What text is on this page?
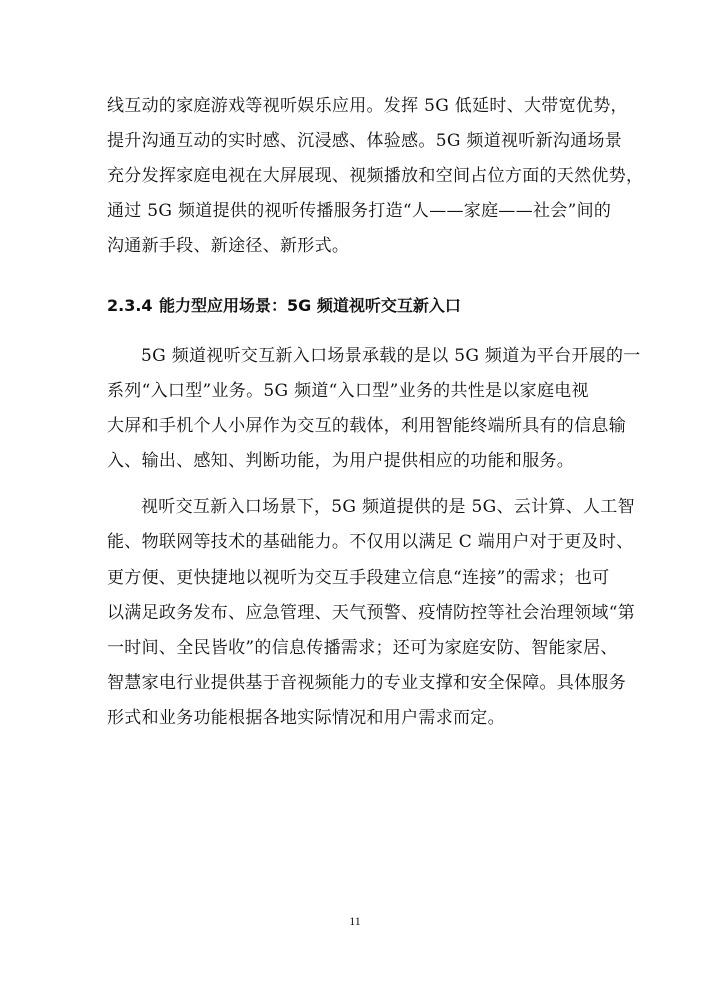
线互动的家庭游戏等视听娱乐应用。发挥 5G 低延时、大带宽优势，
提升沟通互动的实时感、沉浸感、体验感。5G 频道视听新沟通场景
充分发挥家庭电视在大屏展现、视频播放和空间占位方面的天然优势，
通过 5G 频道提供的视听传播服务打造“人——家庭——社会”间的
沟通新手段、新途径、新形式。
2.3.4 能力型应用场景：5G 频道视听交互新入口
5G 频道视听交互新入口场景承载的是以 5G 频道为平台开展的一
系列“入口型”业务。5G 频道“入口型”业务的共性是以家庭电视
大屏和手机个人小屏作为交互的载体，利用智能终端所具有的信息输
入、输出、感知、判断功能，为用户提供相应的功能和服务。
视听交互新入口场景下，5G 频道提供的是 5G、云计算、人工智
能、物联网等技术的基础能力。不仅用以满足 C 端用户对于更及时、
更方便、更快捷地以视听为交互手段建立信息“连接”的需求；也可
以满足政务发布、应急管理、天气预警、疫情防控等社会治理领域“第
一时间、全民皆收”的信息传播需求；还可为家庭安防、智能家居、
智慧家电行业提供基于音视频能力的专业支撑和安全保障。具体服务
形式和业务功能根据各地实际情况和用户需求而定。
11
